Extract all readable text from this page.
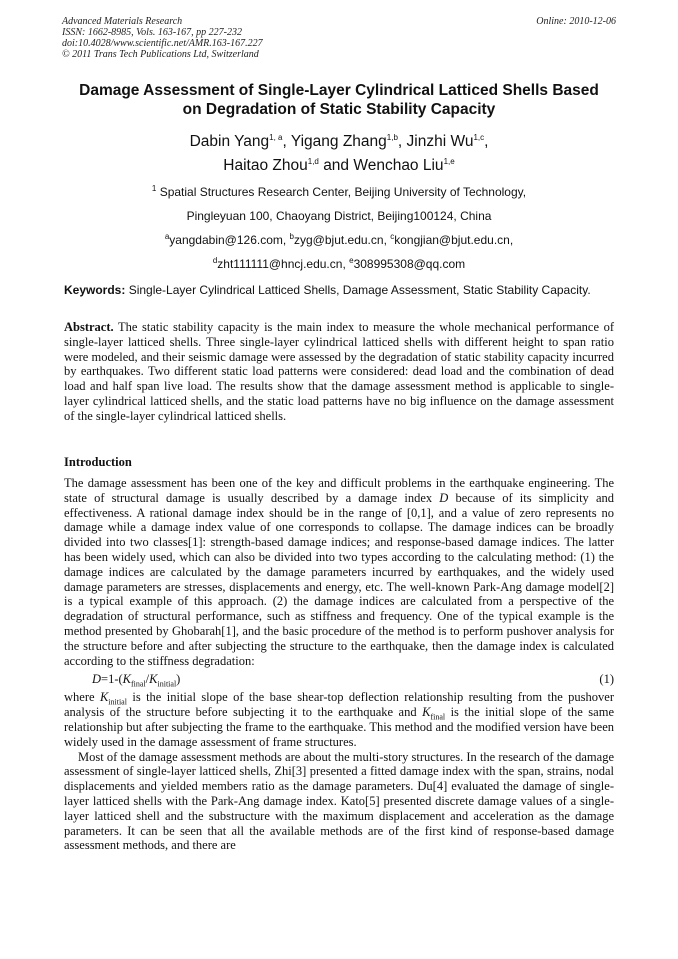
Advanced Materials Research
ISSN: 1662-8985, Vols. 163-167, pp 227-232
doi:10.4028/www.scientific.net/AMR.163-167.227
© 2011 Trans Tech Publications Ltd, Switzerland
Online: 2010-12-06
Damage Assessment of Single-Layer Cylindrical Latticed Shells Based
on Degradation of Static Stability Capacity
Dabin Yang$^{1, a}$, Yigang Zhang$^{1,b}$, Jinzhi Wu$^{1,c}$,
Haitao Zhou$^{1,d}$ and Wenchao Liu$^{1,e}$
$^1$ Spatial Structures Research Center, Beijing University of Technology,
Pingleyuan 100, Chaoyang District, Beijing100124, China
$^a$yangdabin@126.com, $^b$zyg@bjut.edu.cn, $^c$kongjian@bjut.edu.cn,
$^d$zht111111@hncj.edu.cn, $^e$308995308@qq.com
Keywords: Single-Layer Cylindrical Latticed Shells, Damage Assessment, Static Stability Capacity.

Abstract. The static stability capacity is the main index to measure the whole mechanical performance of single-layer latticed shells. Three single-layer cylindrical latticed shells with different height to span ratio were modeled, and their seismic damage were assessed by the degradation of static stability capacity incurred by earthquakes. Two different static load patterns were considered: dead load and the combination of dead load and half span live load. The results show that the damage assessment method is applicable to single-layer cylindrical latticed shells, and the static load patterns have no big influence on the damage assessment of the single-layer cylindrical latticed shells.

Introduction

The damage assessment has been one of the key and difficult problems in the earthquake engineering. The state of structural damage is usually described by a damage index D because of its simplicity and effectiveness. A rational damage index should be in the range of [0,1], and a value of zero represents no damage while a damage index value of one corresponds to collapse. The damage indices can be broadly divided into two classes[1]: strength-based damage indices; and response-based damage indices. The latter has been widely used, which can also be divided into two types according to the calculating method: (1) the damage indices are calculated by the damage parameters incurred by earthquakes, and the widely used damage parameters are stresses, displacements and energy, etc. The well-known Park-Ang damage model[2] is a typical example of this approach. (2) the damage indices are calculated from a perspective of the degradation of structural performance, such as stiffness and frequency. One of the typical example is the method presented by Ghobarah[1], and the basic procedure of the method is to perform pushover analysis for the structure before and after subjecting the structure to the earthquake, then the damage index is calculated according to the stiffness degradation:

$D=1-(K_{final}/K_{initial})$	(1)

where $K_{initial}$ is the initial slope of the base shear-top deflection relationship resulting from the pushover analysis of the structure before subjecting it to the earthquake and $K_{final}$ is the initial slope of the same relationship but after subjecting the frame to the earthquake. This method and the modified version have been widely used in the damage assessment of frame structures.

Most of the damage assessment methods are about the multi-story structures. In the research of the damage assessment of single-layer latticed shells, Zhi[3] presented a fitted damage index with the span, strains, nodal displacements and yielded members ratio as the damage parameters. Du[4] evaluated the damage of single-layer latticed shells with the Park-Ang damage index. Kato[5] presented discrete damage values of a single-layer latticed shell and the substructure with the maximum displacement and acceleration as the damage parameters. It can be seen that all the available methods are of the first kind of response-based damage assessment methods, and there are
